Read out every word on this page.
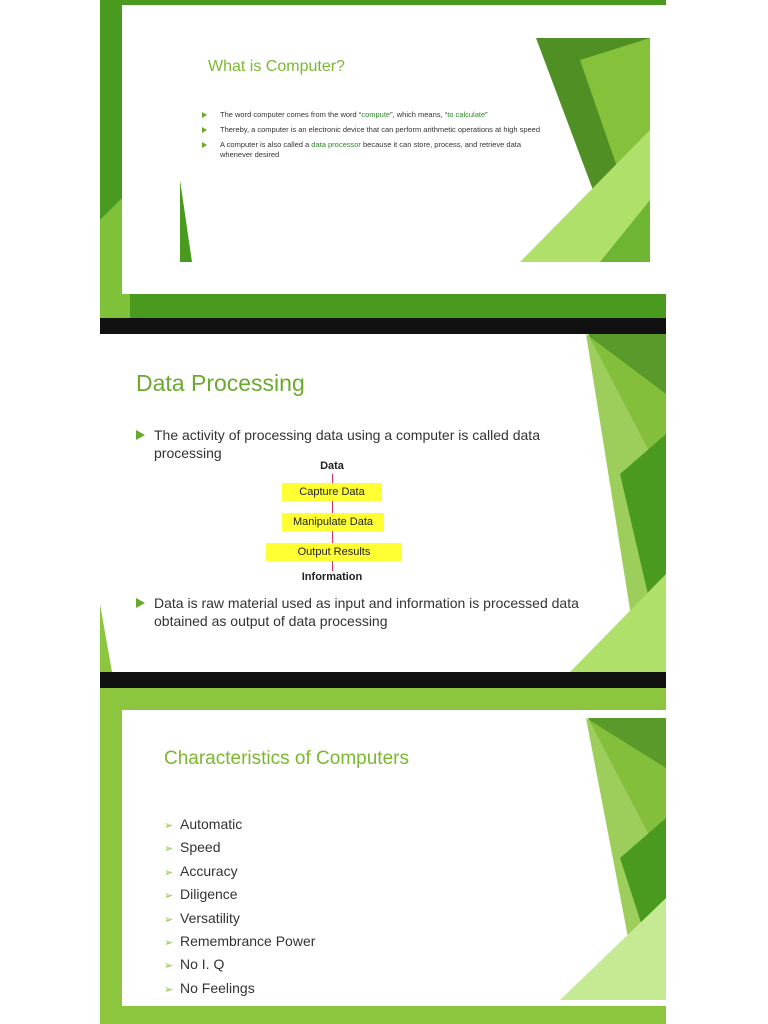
What is Computer?
The word computer comes from the word “compute”, which means, “to calculate”
Thereby, a computer is an electronic device that can perform arithmetic operations at high speed
A computer is also called a data processor because it can store, process, and retrieve data whenever desired
Data Processing
The activity of processing data using a computer is called data processing
Data
Capture Data
Manipulate Data
Output Results
Information
Data is raw material used as input and information is processed data obtained as output of data processing
Characteristics of Computers
➢ Automatic
➢ Speed
➢ Accuracy
➢ Diligence
➢ Versatility
➢ Remembrance Power
➢ No I. Q
➢ No Feelings
